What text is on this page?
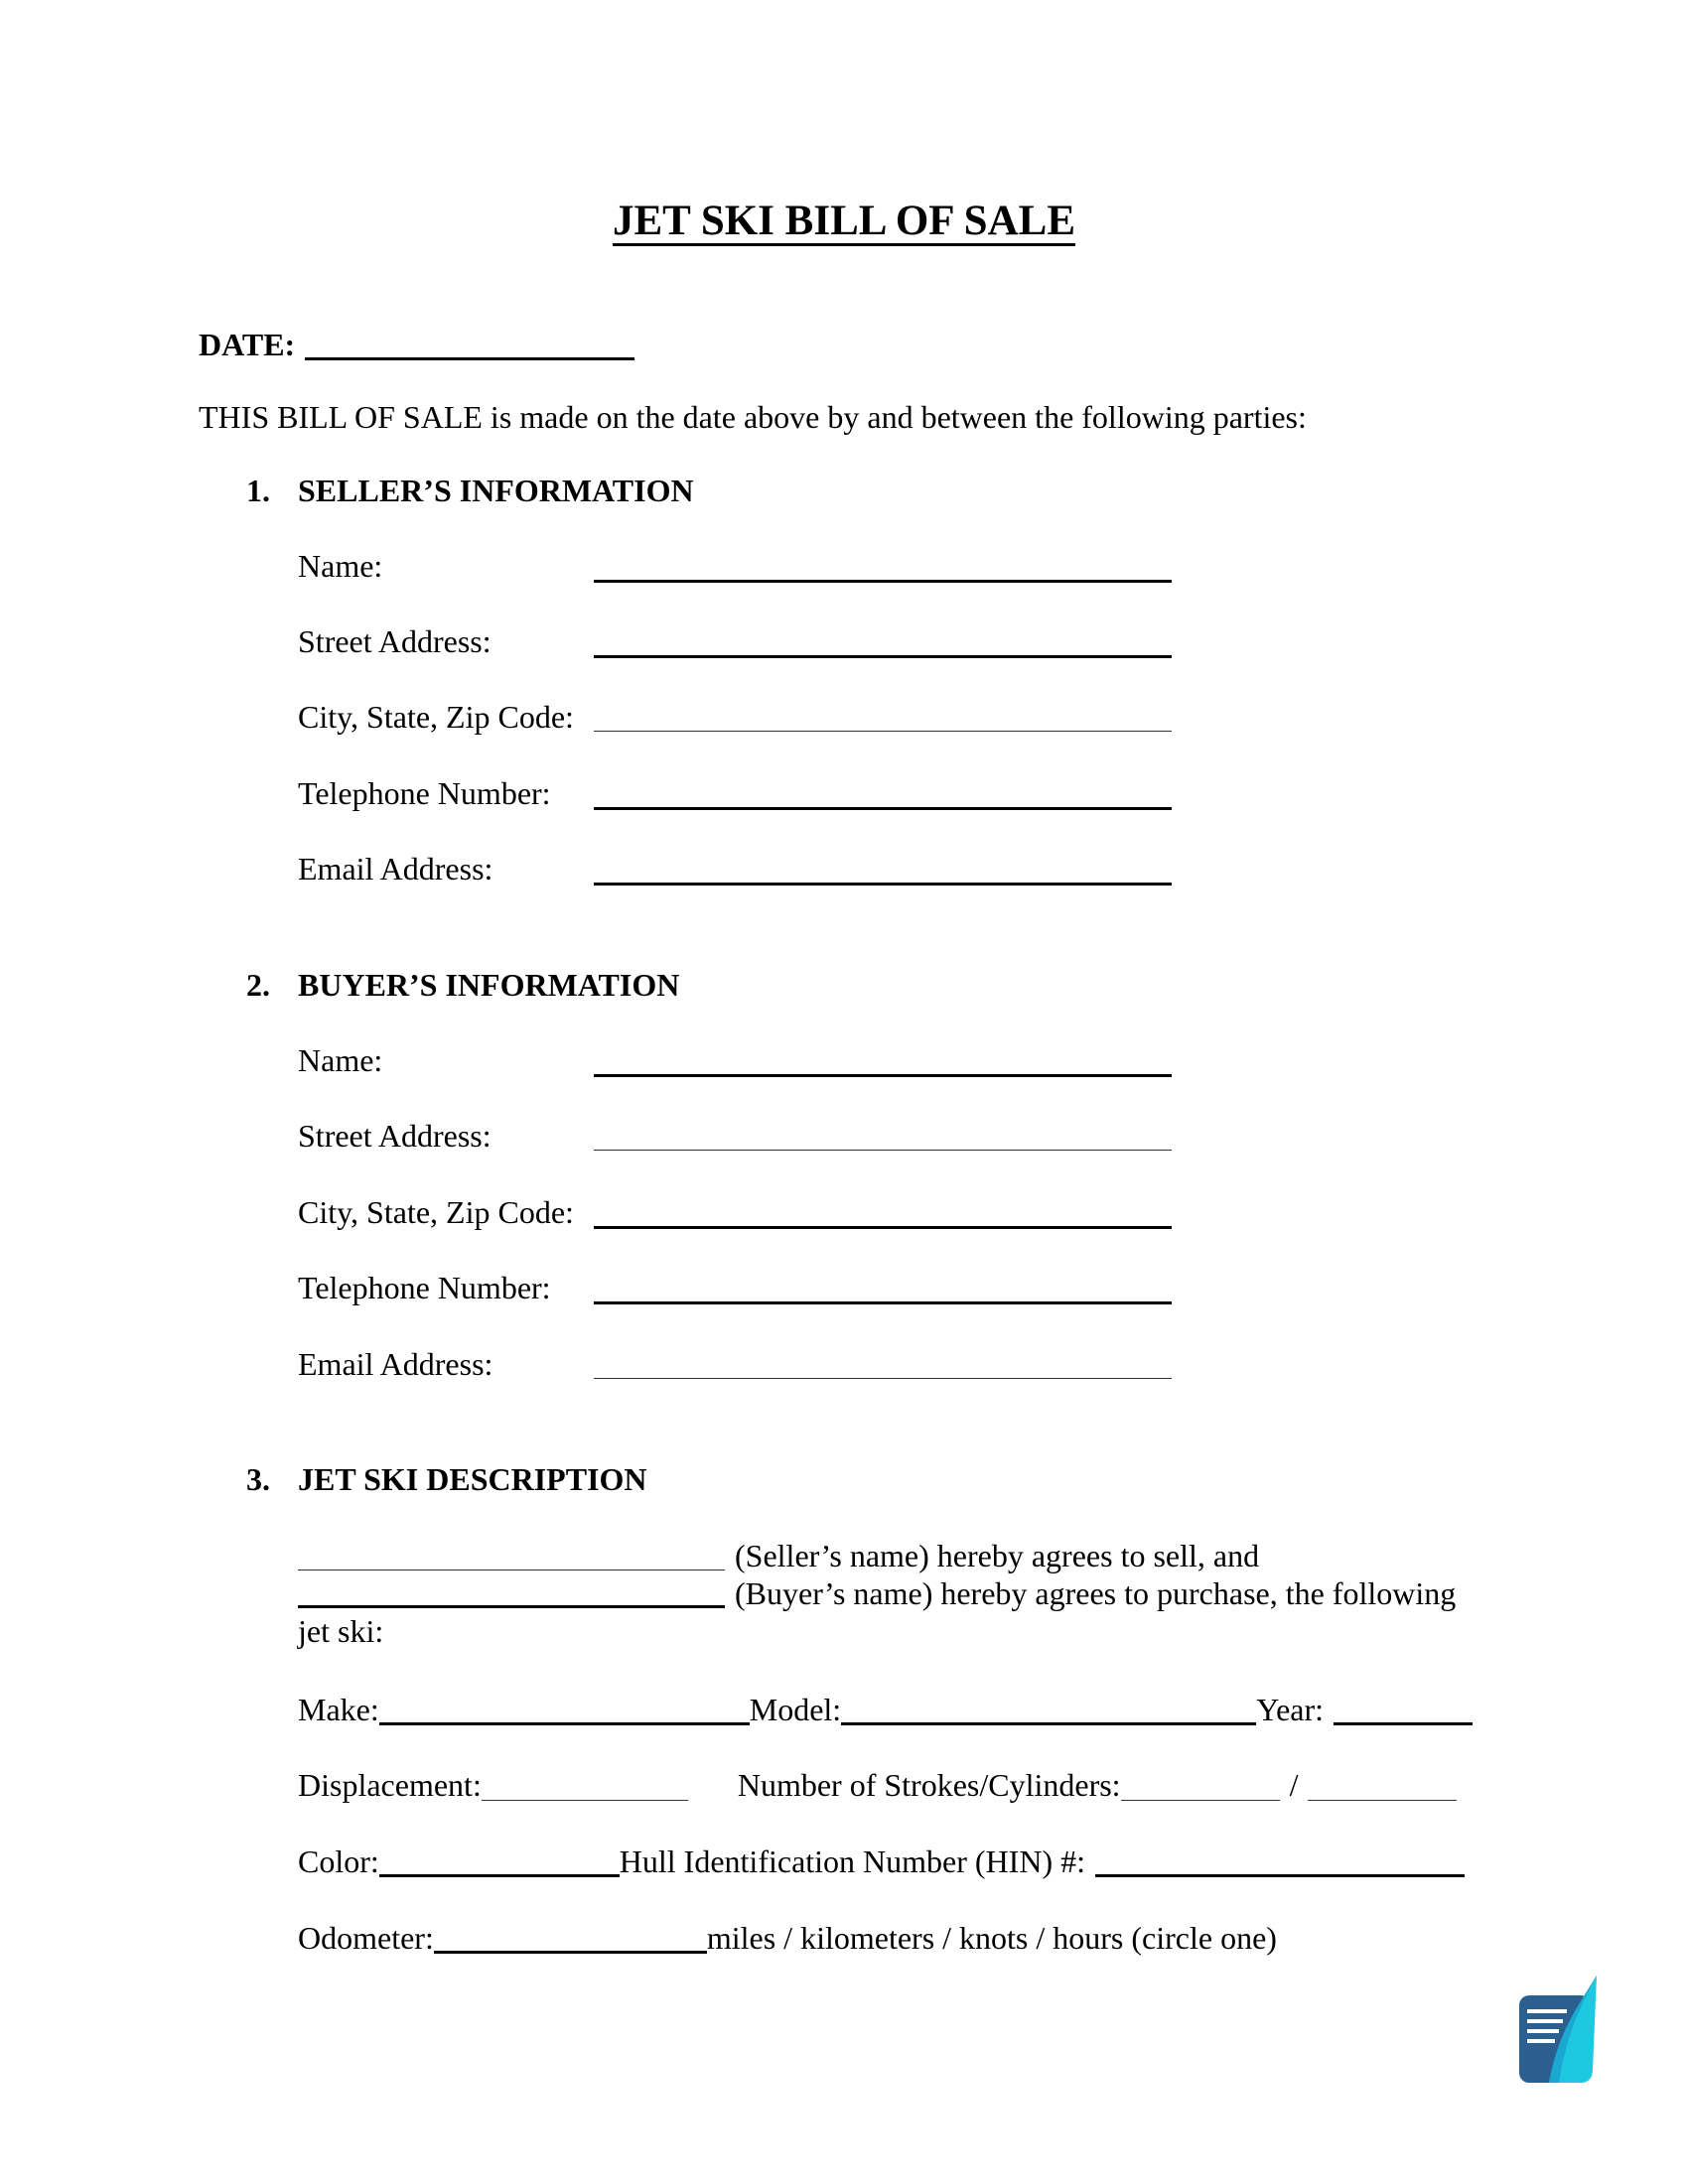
JET SKI BILL OF SALE
DATE:
THIS BILL OF SALE is made on the date above by and between the following parties:
1. SELLER’S INFORMATION
Name:
Street Address:
City, State, Zip Code:
Telephone Number:
Email Address:
2. BUYER’S INFORMATION
Name:
Street Address:
City, State, Zip Code:
Telephone Number:
Email Address:
3. JET SKI DESCRIPTION
(Seller’s name) hereby agrees to sell, and
(Buyer’s name) hereby agrees to purchase, the following
jet ski:
Make:	Model:	Year:
Displacement:	Number of Strokes/Cylinders:	/
Color:	Hull Identification Number (HIN) #:
Odometer:	miles / kilometers / knots / hours (circle one)
